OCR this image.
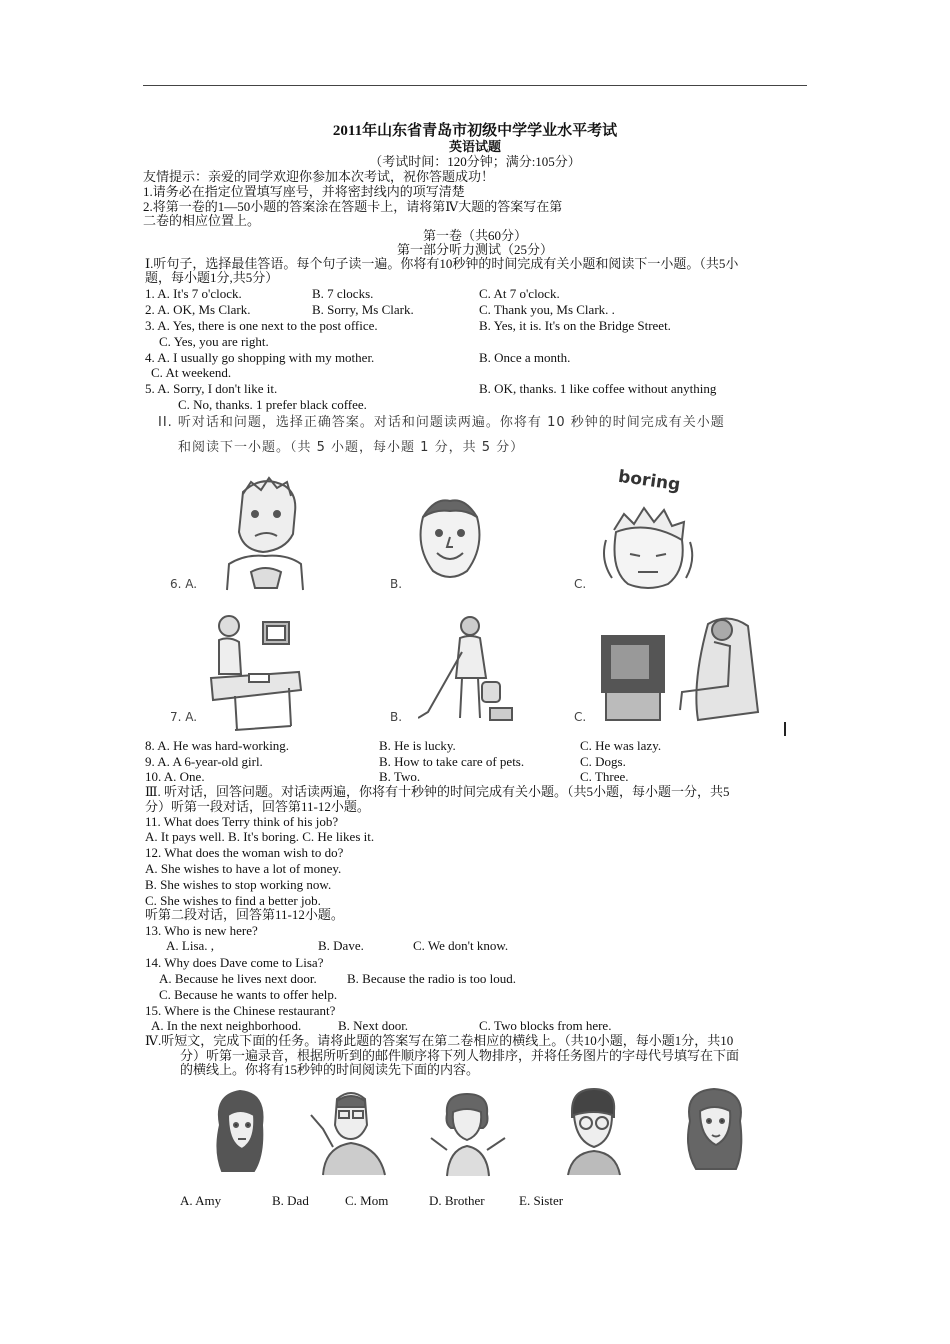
2011年山东省青岛市初级中学学业水平考试
英语试题
（考试时间：120分钟；满分:105分）
友情提示：亲爱的同学欢迎你参加本次考试，祝你答题成功！
1.请务必在指定位置填写座号，并将密封线内的项写清楚
2.将第一卷的1—50小题的答案涂在答题卡上，请将第Ⅳ大题的答案写在第
二卷的相应位置上。
第一卷（共60分）
第一部分听力测试（25分）
Ⅰ.听句子，选择最佳答语。每个句子读一遍。你将有10秒钟的时间完成有关小题和阅读下一小题。（共5小
题，每小题1分,共5分）
1. A. It's 7 o'clock.	B. 7 clocks.	C. At 7 o'clock.
2. A. OK, Ms Clark.	B. Sorry, Ms Clark.	C. Thank you, Ms Clark. .
3. A. Yes, there is one next to the post office.	B. Yes, it is. It's on the Bridge Street.
C. Yes, you are right.
4. A. I usually go shopping with my mother.	B. Once a month.
C. At weekend.
5. A. Sorry, I don't like it.	B. OK, thanks. 1 like coffee without anything
C. No, thanks. 1 prefer black coffee.
II. 听对话和问题，选择正确答案。对话和问题读两遍。你将有 10 秒钟的时间完成有关小题
和阅读下一小题。（共 5 小题，每小题 1 分，共 5 分）
6. A.	B.
boring
C.
7. A.	B.	C.
8. A. He was hard-working.	B. He is lucky.	C. He was lazy.
9. A. A 6-year-old girl.	B. How to take care of pets.	C. Dogs.
10. A. One.	B. Two.	C. Three.
Ⅲ. 听对话，回答问题。对话读两遍，你将有十秒钟的时间完成有关小题。（共5小题，每小题一分，共5
分）听第一段对话，回答第11-12小题。
11. What does Terry think of his job?
A. It pays well. B. It's boring. C. He likes it.
12. What does the woman wish to do?
A. She wishes to have a lot of money.
B. She wishes to stop working now.
C. She wishes to find a better job.
听第二段对话，回答第11-12小题。
13. Who is new here?
A. Lisa. ,	B. Dave.	C. We don't know.
14. Why does Dave come to Lisa?
A. Because he lives next door. B. Because the radio is too loud.
C. Because he wants to offer help.
15. Where is the Chinese restaurant?
A. In the next neighborhood.	B. Next door.	C. Two blocks from here.
Ⅳ.听短文，完成下面的任务。请将此题的答案写在第二卷相应的横线上。（共10小题，每小题1分，共10
分）听第一遍录音，根据所听到的邮件顺序将下列人物排序，并将任务图片的字母代号填写在下面
的横线上。你将有15秒钟的时间阅读先下面的内容。
A. Amy	B. Dad	C. Mom	D. Brother	E. Sister
